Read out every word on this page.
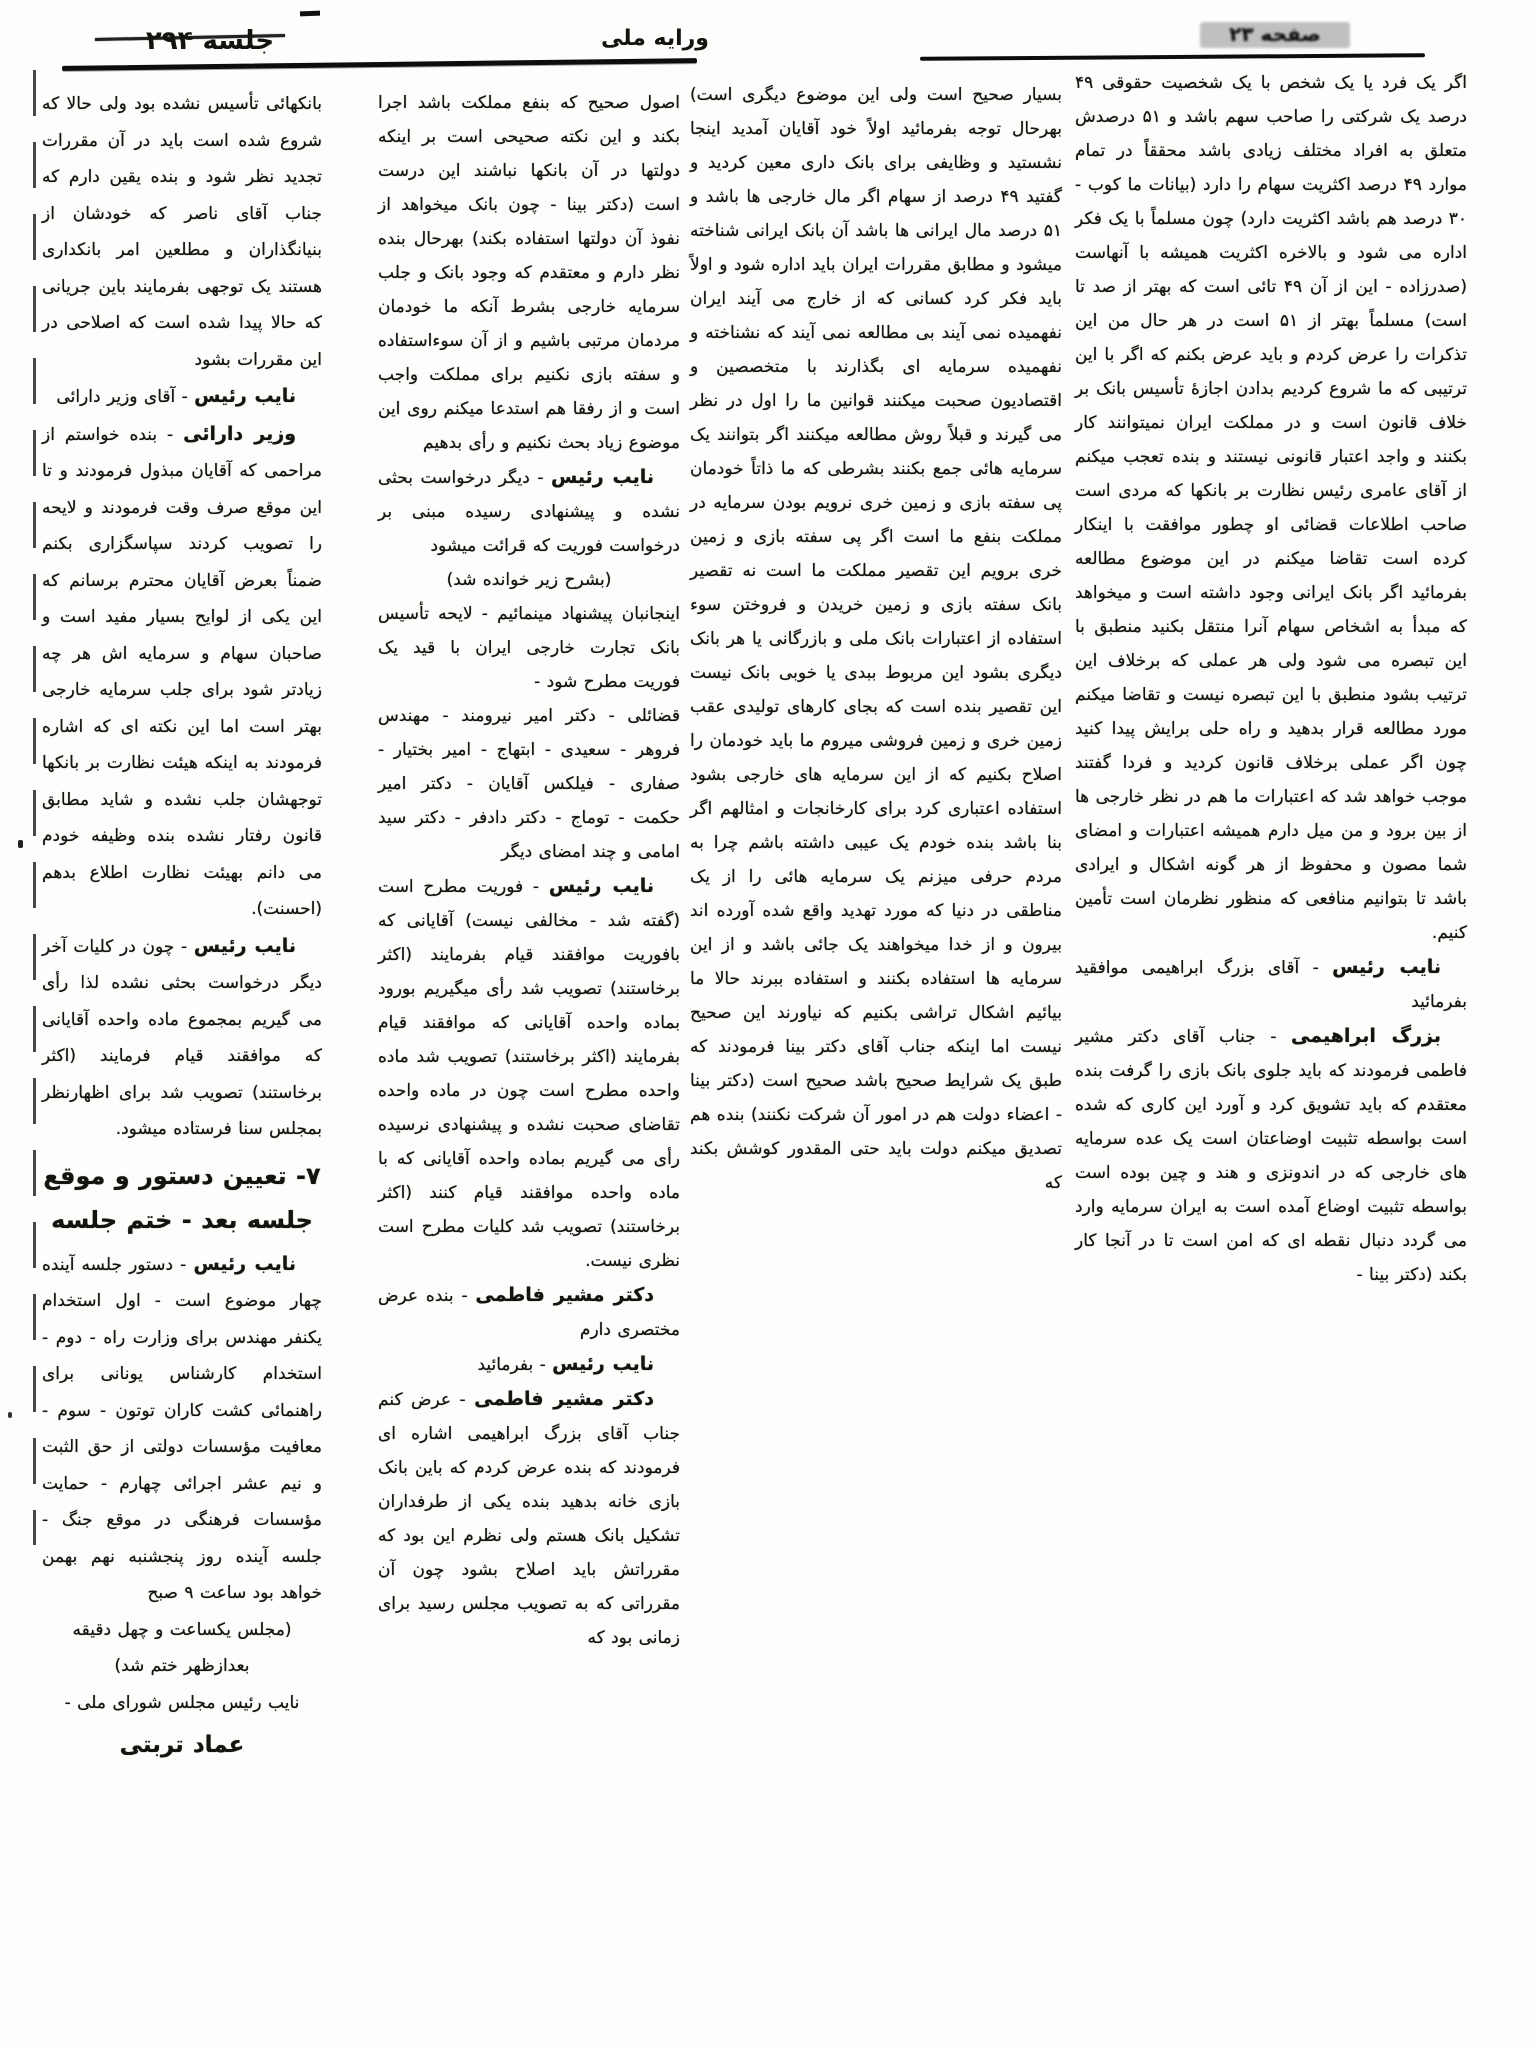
جلسه ۲۹۴	ورايه ملی	صفحه ۲۳
اگر یک فرد یا یک شخص با یک شخصیت حقوقی ۴۹ درصد یک شرکتی را صاحب سهم باشد و ۵۱ درصدش متعلق به افراد مختلف زیادی باشد محققاً در تمام موارد ۴۹ درصد اکثریت سهام را دارد (بیانات ما کوب - ۳۰ درصد هم باشد اکثریت دارد) چون مسلماً با یک فکر اداره می شود و بالاخره اکثریت همیشه با آنهاست (صدرزاده - این از آن ۴۹ تائی است که بهتر از صد تا است) مسلماً بهتر از ۵۱ است در هر حال من این تذکرات را عرض کردم و باید عرض بکنم که اگر با این ترتیبی که ما شروع کردیم بدادن اجازهٔ تأسیس بانک بر خلاف قانون است و در مملکت ایران نمیتوانند کار بکنند و واجد اعتبار قانونی نیستند و بنده تعجب میکنم از آقای عامری رئیس نظارت بر بانکها که مردی است صاحب اطلاعات قضائی او چطور موافقت با اینکار کرده است تقاضا میکنم در این موضوع مطالعه بفرمائید اگر بانک ایرانی وجود داشته است و میخواهد که مبدأ به اشخاص سهام آنرا منتقل بکنید منطبق با این تبصره می شود ولی هر عملی که برخلاف این ترتیب بشود منطبق با این تبصره نیست و تقاضا میکنم مورد مطالعه قرار بدهید و راه حلی برایش پیدا کنید چون اگر عملی برخلاف قانون کردید و فردا گفتند موجب خواهد شد که اعتبارات ما هم در نظر خارجی ها از بین برود و من میل دارم همیشه اعتبارات و امضای شما مصون و محفوظ از هر گونه اشکال و ایرادی باشد تا بتوانیم منافعی که منظور نظرمان است تأمین کنیم.
نایب رئیس - آقای بزرگ ابراهیمی موافقید بفرمائید
بزرگ ابراهیمی - جناب آقای دکتر مشیر فاطمی فرمودند که باید جلوی بانک بازی را گرفت بنده معتقدم که باید تشویق کرد و آورد این کاری که شده است بواسطه تثبیت اوضاعتان است یک عده سرمایه های خارجی که در اندونزی و هند و چین بوده است بواسطه تثبیت اوضاع آمده است به ایران سرمایه وارد می گردد دنبال نقطه ای که امن است تا در آنجا کار بکند (دکتر بینا -
بسیار صحیح است ولی این موضوع دیگری است) بهرحال توجه بفرمائید اولاً خود آقایان آمدید اینجا نشستید و وظایفی برای بانک داری معین کردید و گفتید ۴۹ درصد از سهام اگر مال خارجی ها باشد و ۵۱ درصد مال ایرانی ها باشد آن بانک ایرانی شناخته میشود و مطابق مقررات ایران باید اداره شود و اولاً باید فکر کرد کسانی که از خارج می آیند ایران نفهمیده نمی آیند بی مطالعه نمی آیند که نشناخته و نفهمیده سرمایه ای بگذارند با متخصصین و اقتصادیون صحبت میکنند قوانین ما را اول در نظر می گیرند و قبلاً روش مطالعه میکنند اگر بتوانند یک سرمایه هائی جمع بکنند بشرطی که ما ذاتاً خودمان پی سفته بازی و زمین خری نرویم بودن سرمایه در مملکت بنفع ما است اگر پی سفته بازی و زمین خری برویم این تقصیر مملکت ما است نه تقصیر بانک سفته بازی و زمین خریدن و فروختن سوء استفاده از اعتبارات بانک ملی و بازرگانی یا هر بانک دیگری بشود این مربوط ببدی یا خوبی بانک نیست این تقصیر بنده است که بجای کارهای تولیدی عقب زمین خری و زمین فروشی میروم ما باید خودمان را اصلاح بکنیم که از این سرمایه های خارجی بشود استفاده اعتباری کرد برای کارخانجات و امثالهم اگر بنا باشد بنده خودم یک عیبی داشته باشم چرا به مردم حرفی میزنم یک سرمایه هائی را از یک مناطقی در دنیا که مورد تهدید واقع شده آورده اند بیرون و از خدا میخواهند یک جائی باشد و از این سرمایه ها استفاده بکنند و استفاده ببرند حالا ما بیائیم اشکال تراشی بکنیم که نیاورند این صحیح نیست اما اینکه جناب آقای دکتر بینا فرمودند که طبق یک شرایط صحیح باشد صحیح است (دکتر بینا - اعضاء دولت هم در امور آن شرکت نکنند) بنده هم تصدیق میکنم دولت باید حتی المقدور کوشش بکند که
اصول صحیح که بنفع مملکت باشد اجرا بکند و این نکته صحیحی است بر اینکه دولتها در آن بانکها نباشند این درست است (دکتر بینا - چون بانک میخواهد از نفوذ آن دولتها استفاده بکند) بهرحال بنده نظر دارم و معتقدم که وجود بانک و جلب سرمایه خارجی بشرط آنکه ما خودمان مردمان مرتبی باشیم و از آن سوءاستفاده و سفته بازی نکنیم برای مملکت واجب است و از رفقا هم استدعا میکنم روی این موضوع زیاد بحث نکنیم و رأی بدهیم
نایب رئیس - دیگر درخواست بحثی نشده و پیشنهادی رسیده مبنی بر درخواست فوریت که قرائت میشود
(بشرح زیر خوانده شد)
اینجانبان پیشنهاد مینمائیم - لایحه تأسیس بانک تجارت خارجی ایران با قید یک فوریت مطرح شود -
قضائلی - دکتر امیر نیرومند - مهندس فروهر - سعیدی - ابتهاج - امیر بختیار - صفاری - فیلکس آقایان - دکتر امیر حکمت - توماج - دکتر دادفر - دکتر سید امامی و چند امضای دیگر
نایب رئیس - فوریت مطرح است (گفته شد - مخالفی نیست) آقایانی که بافوریت موافقند قیام بفرمایند (اکثر برخاستند) تصویب شد رأی میگیریم بورود بماده واحده آقایانی که موافقند قیام بفرمایند (اکثر برخاستند) تصویب شد ماده واحده مطرح است چون در ماده واحده تقاضای صحبت نشده و پیشنهادی نرسیده رأی می گیریم بماده واحده آقایانی که با ماده واحده موافقند قیام کنند (اکثر برخاستند) تصویب شد کلیات مطرح است نظری نیست.
دکتر مشیر فاطمی - بنده عرض مختصری دارم
نایب رئیس - بفرمائید
دکتر مشیر فاطمی - عرض کنم جناب آقای بزرگ ابراهیمی اشاره ای فرمودند که بنده عرض کردم که باین بانک بازی خانه بدهید بنده یکی از طرفداران تشکیل بانک هستم ولی نظرم این بود که مقرراتش باید اصلاح بشود چون آن مقرراتی که به تصویب مجلس رسید برای زمانی بود که
بانکهائی تأسیس نشده بود ولی حالا که شروع شده است باید در آن مقررات تجدید نظر شود و بنده یقین دارم که جناب آقای ناصر که خودشان از بنیانگذاران و مطلعین امر بانکداری هستند یک توجهی بفرمایند باین جریانی که حالا پیدا شده است که اصلاحی در این مقررات بشود
نایب رئیس - آقای وزیر دارائی
وزیر دارائی - بنده خواستم از مراحمی که آقایان مبذول فرمودند و تا این موقع صرف وقت فرمودند و لایحه را تصویب کردند سپاسگزاری بکنم ضمناً بعرض آقایان محترم برسانم که این یکی از لوایح بسیار مفید است و صاحبان سهام و سرمایه اش هر چه زیادتر شود برای جلب سرمایه خارجی بهتر است اما این نکته ای که اشاره فرمودند به اینکه هیئت نظارت بر بانکها توجهشان جلب نشده و شاید مطابق قانون رفتار نشده بنده وظیفه خودم می دانم بهیئت نظارت اطلاع بدهم (احسنت).
نایب رئیس - چون در کلیات آخر دیگر درخواست بحثی نشده لذا رأی می گیریم بمجموع ماده واحده آقایانی که موافقند قیام فرمایند (اکثر برخاستند) تصویب شد برای اظهارنظر بمجلس سنا فرستاده میشود.
۷- تعیین دستور و موقع جلسه بعد - ختم جلسه
نایب رئیس - دستور جلسه آینده چهار موضوع است - اول استخدام یکنفر مهندس برای وزارت راه - دوم - استخدام کارشناس یونانی برای راهنمائی کشت کاران توتون - سوم - معافیت مؤسسات دولتی از حق الثبت و نیم عشر اجرائی چهارم - حمایت مؤسسات فرهنگی در موقع جنگ - جلسه آینده روز پنجشنبه نهم بهمن خواهد بود ساعت ۹ صبح
(مجلس یکساعت و چهل دقیقه
بعدازظهر ختم شد)
نایب رئیس مجلس شورای ملی -
عماد تربتی
